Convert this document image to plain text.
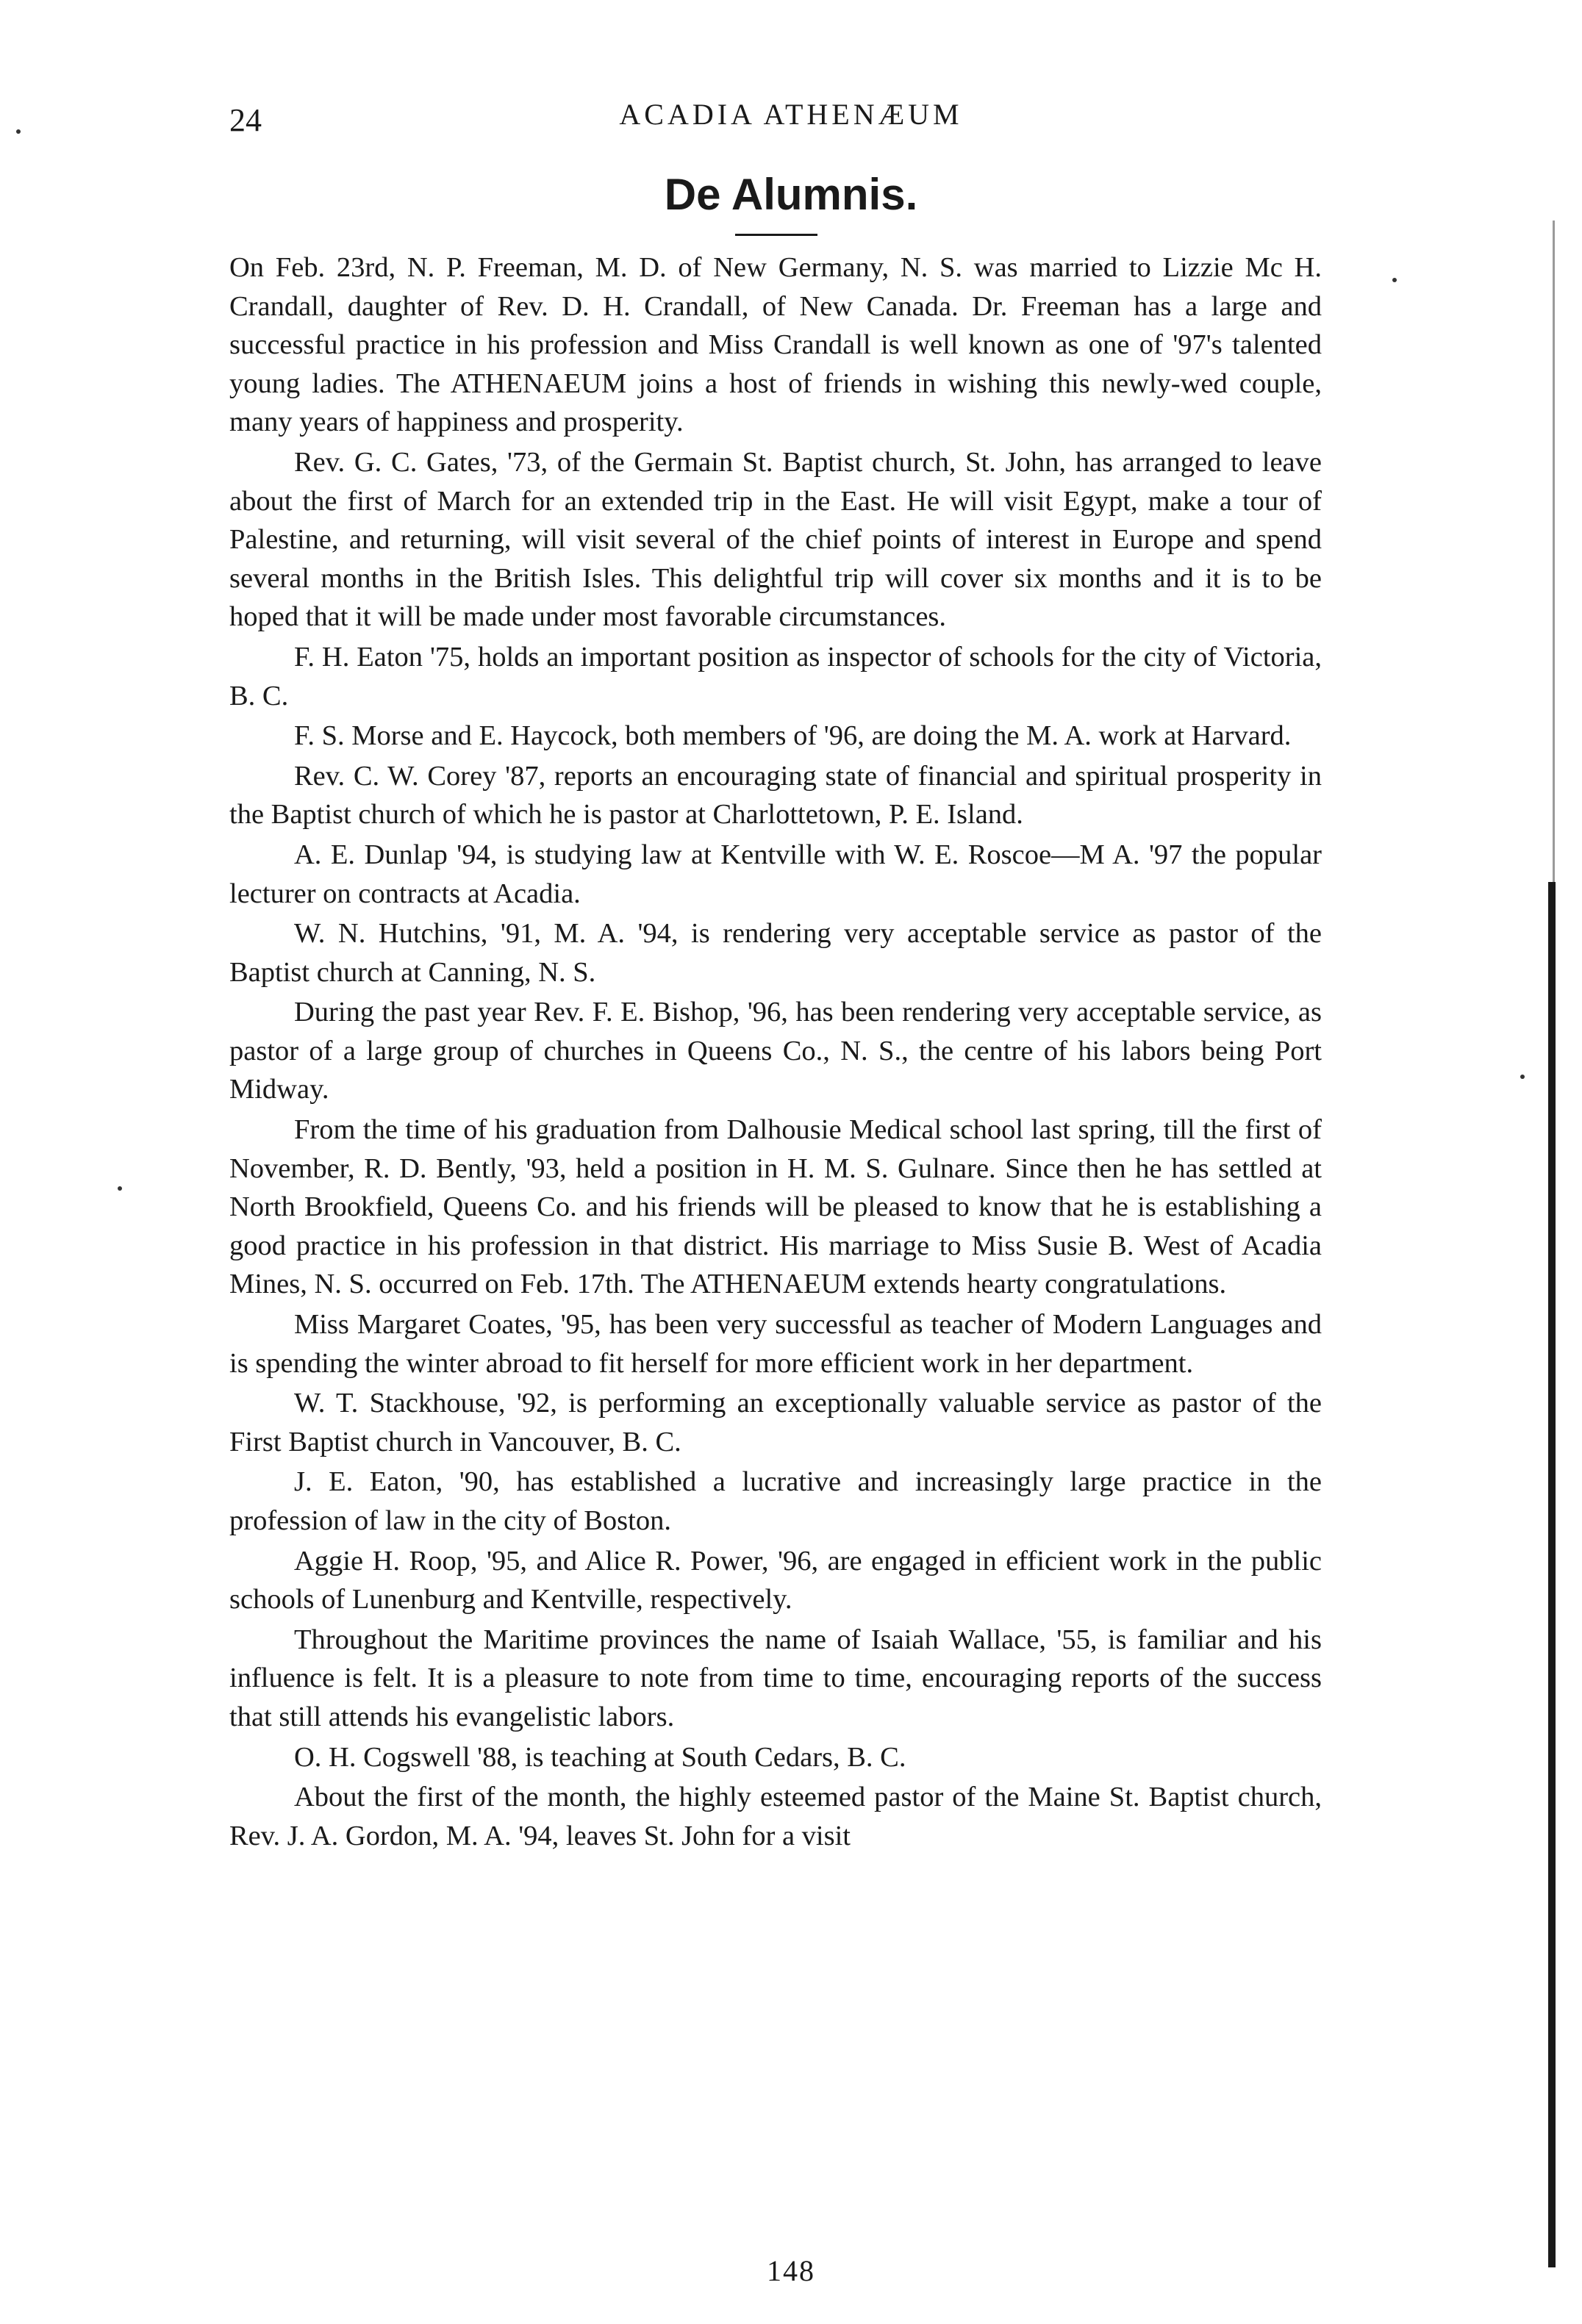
24	ACADIA ATHENÆUM
De Alumnis.

On Feb. 23rd, N. P. Freeman, M. D. of New Germany, N. S. was married to Lizzie Mc H. Crandall, daughter of Rev. D. H. Crandall, of New Canada. Dr. Freeman has a large and successful practice in his profession and Miss Crandall is well known as one of '97's talented young ladies. The ATHENAEUM joins a host of friends in wishing this newly-wed couple, many years of happiness and prosperity.

Rev. G. C. Gates, '73, of the Germain St. Baptist church, St. John, has arranged to leave about the first of March for an extended trip in the East. He will visit Egypt, make a tour of Palestine, and returning, will visit several of the chief points of interest in Europe and spend several months in the British Isles. This delightful trip will cover six months and it is to be hoped that it will be made under most favorable circumstances.

F. H. Eaton '75, holds an important position as inspector of schools for the city of Victoria, B. C.

F. S. Morse and E. Haycock, both members of '96, are doing the M. A. work at Harvard.

Rev. C. W. Corey '87, reports an encouraging state of financial and spiritual prosperity in the Baptist church of which he is pastor at Charlottetown, P. E. Island.

A. E. Dunlap '94, is studying law at Kentville with W. E. Roscoe—M A. '97 the popular lecturer on contracts at Acadia.

W. N. Hutchins, '91, M. A. '94, is rendering very acceptable service as pastor of the Baptist church at Canning, N. S.

During the past year Rev. F. E. Bishop, '96, has been rendering very acceptable service, as pastor of a large group of churches in Queens Co., N. S., the centre of his labors being Port Midway.

From the time of his graduation from Dalhousie Medical school last spring, till the first of November, R. D. Bently, '93, held a position in H. M. S. Gulnare. Since then he has settled at North Brookfield, Queens Co. and his friends will be pleased to know that he is establishing a good practice in his profession in that district. His marriage to Miss Susie B. West of Acadia Mines, N. S. occurred on Feb. 17th. The ATHENAEUM extends hearty congratulations.

Miss Margaret Coates, '95, has been very successful as teacher of Modern Languages and is spending the winter abroad to fit herself for more efficient work in her department.

W. T. Stackhouse, '92, is performing an exceptionally valuable service as pastor of the First Baptist church in Vancouver, B. C.

J. E. Eaton, '90, has established a lucrative and increasingly large practice in the profession of law in the city of Boston.

Aggie H. Roop, '95, and Alice R. Power, '96, are engaged in efficient work in the public schools of Lunenburg and Kentville, respectively.

Throughout the Maritime provinces the name of Isaiah Wallace, '55, is familiar and his influence is felt. It is a pleasure to note from time to time, encouraging reports of the success that still attends his evangelistic labors.

O. H. Cogswell '88, is teaching at South Cedars, B. C.

About the first of the month, the highly esteemed pastor of the Maine St. Baptist church, Rev. J. A. Gordon, M. A. '94, leaves St. John for a visit

148
